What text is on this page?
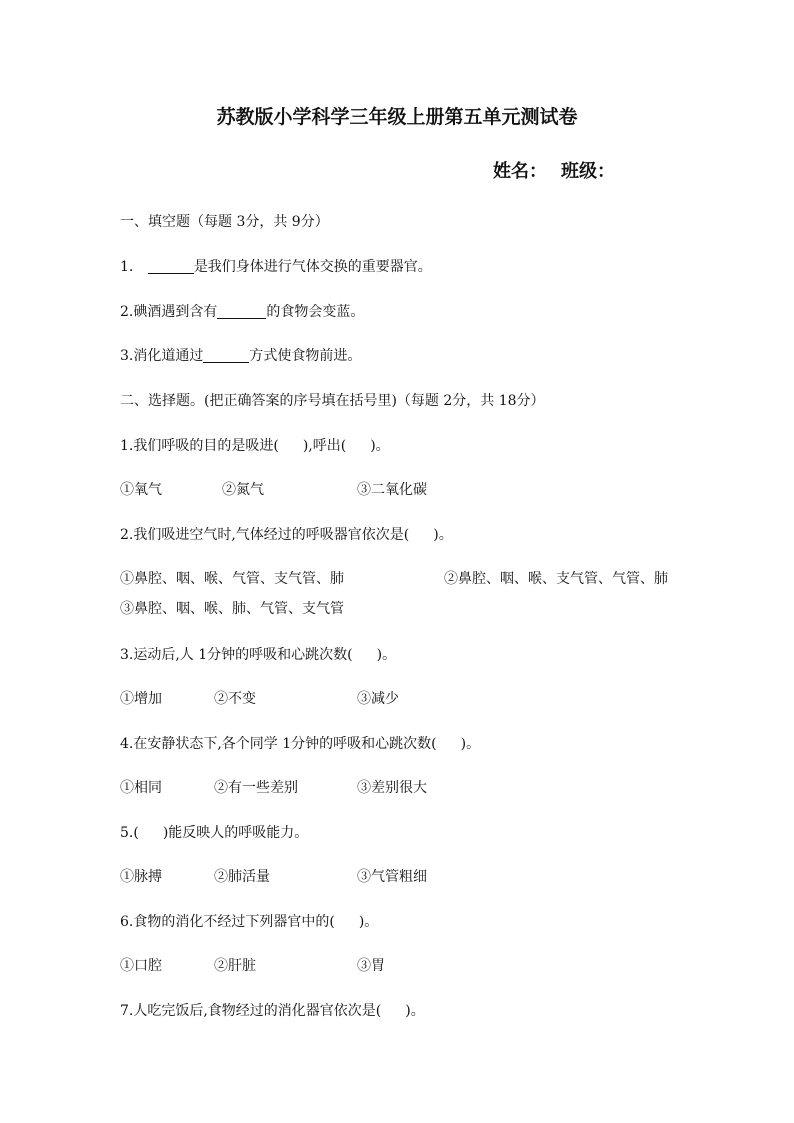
苏教版小学科学三年级上册第五单元测试卷
姓名： 班级：
一、填空题（每题 3分，共 9分）
1.	是我们身体进行气体交换的重要器官。
2.碘酒遇到含有	的食物会变蓝。
3.消化道通过	方式使食物前进。
二、选择题。(把正确答案的序号填在括号里)（每题 2分，共 18分）
1.我们呼吸的目的是吸进( ),呼出( )。
①氧气	②氮气	③二氧化碳
2.我们吸进空气时,气体经过的呼吸器官依次是( )。
①鼻腔、咽、喉、气管、支气管、肺	②鼻腔、咽、喉、支气管、气管、肺
③鼻腔、咽、喉、肺、气管、支气管
3.运动后,人 1分钟的呼吸和心跳次数( )。
①增加	②不变	③减少
4.在安静状态下,各个同学 1分钟的呼吸和心跳次数( )。
①相同	②有一些差别	③差别很大
5.( )能反映人的呼吸能力。
①脉搏	②肺活量	③气管粗细
6.食物的消化不经过下列器官中的( )。
①口腔	②肝脏	③胃
7.人吃完饭后,食物经过的消化器官依次是( )。
